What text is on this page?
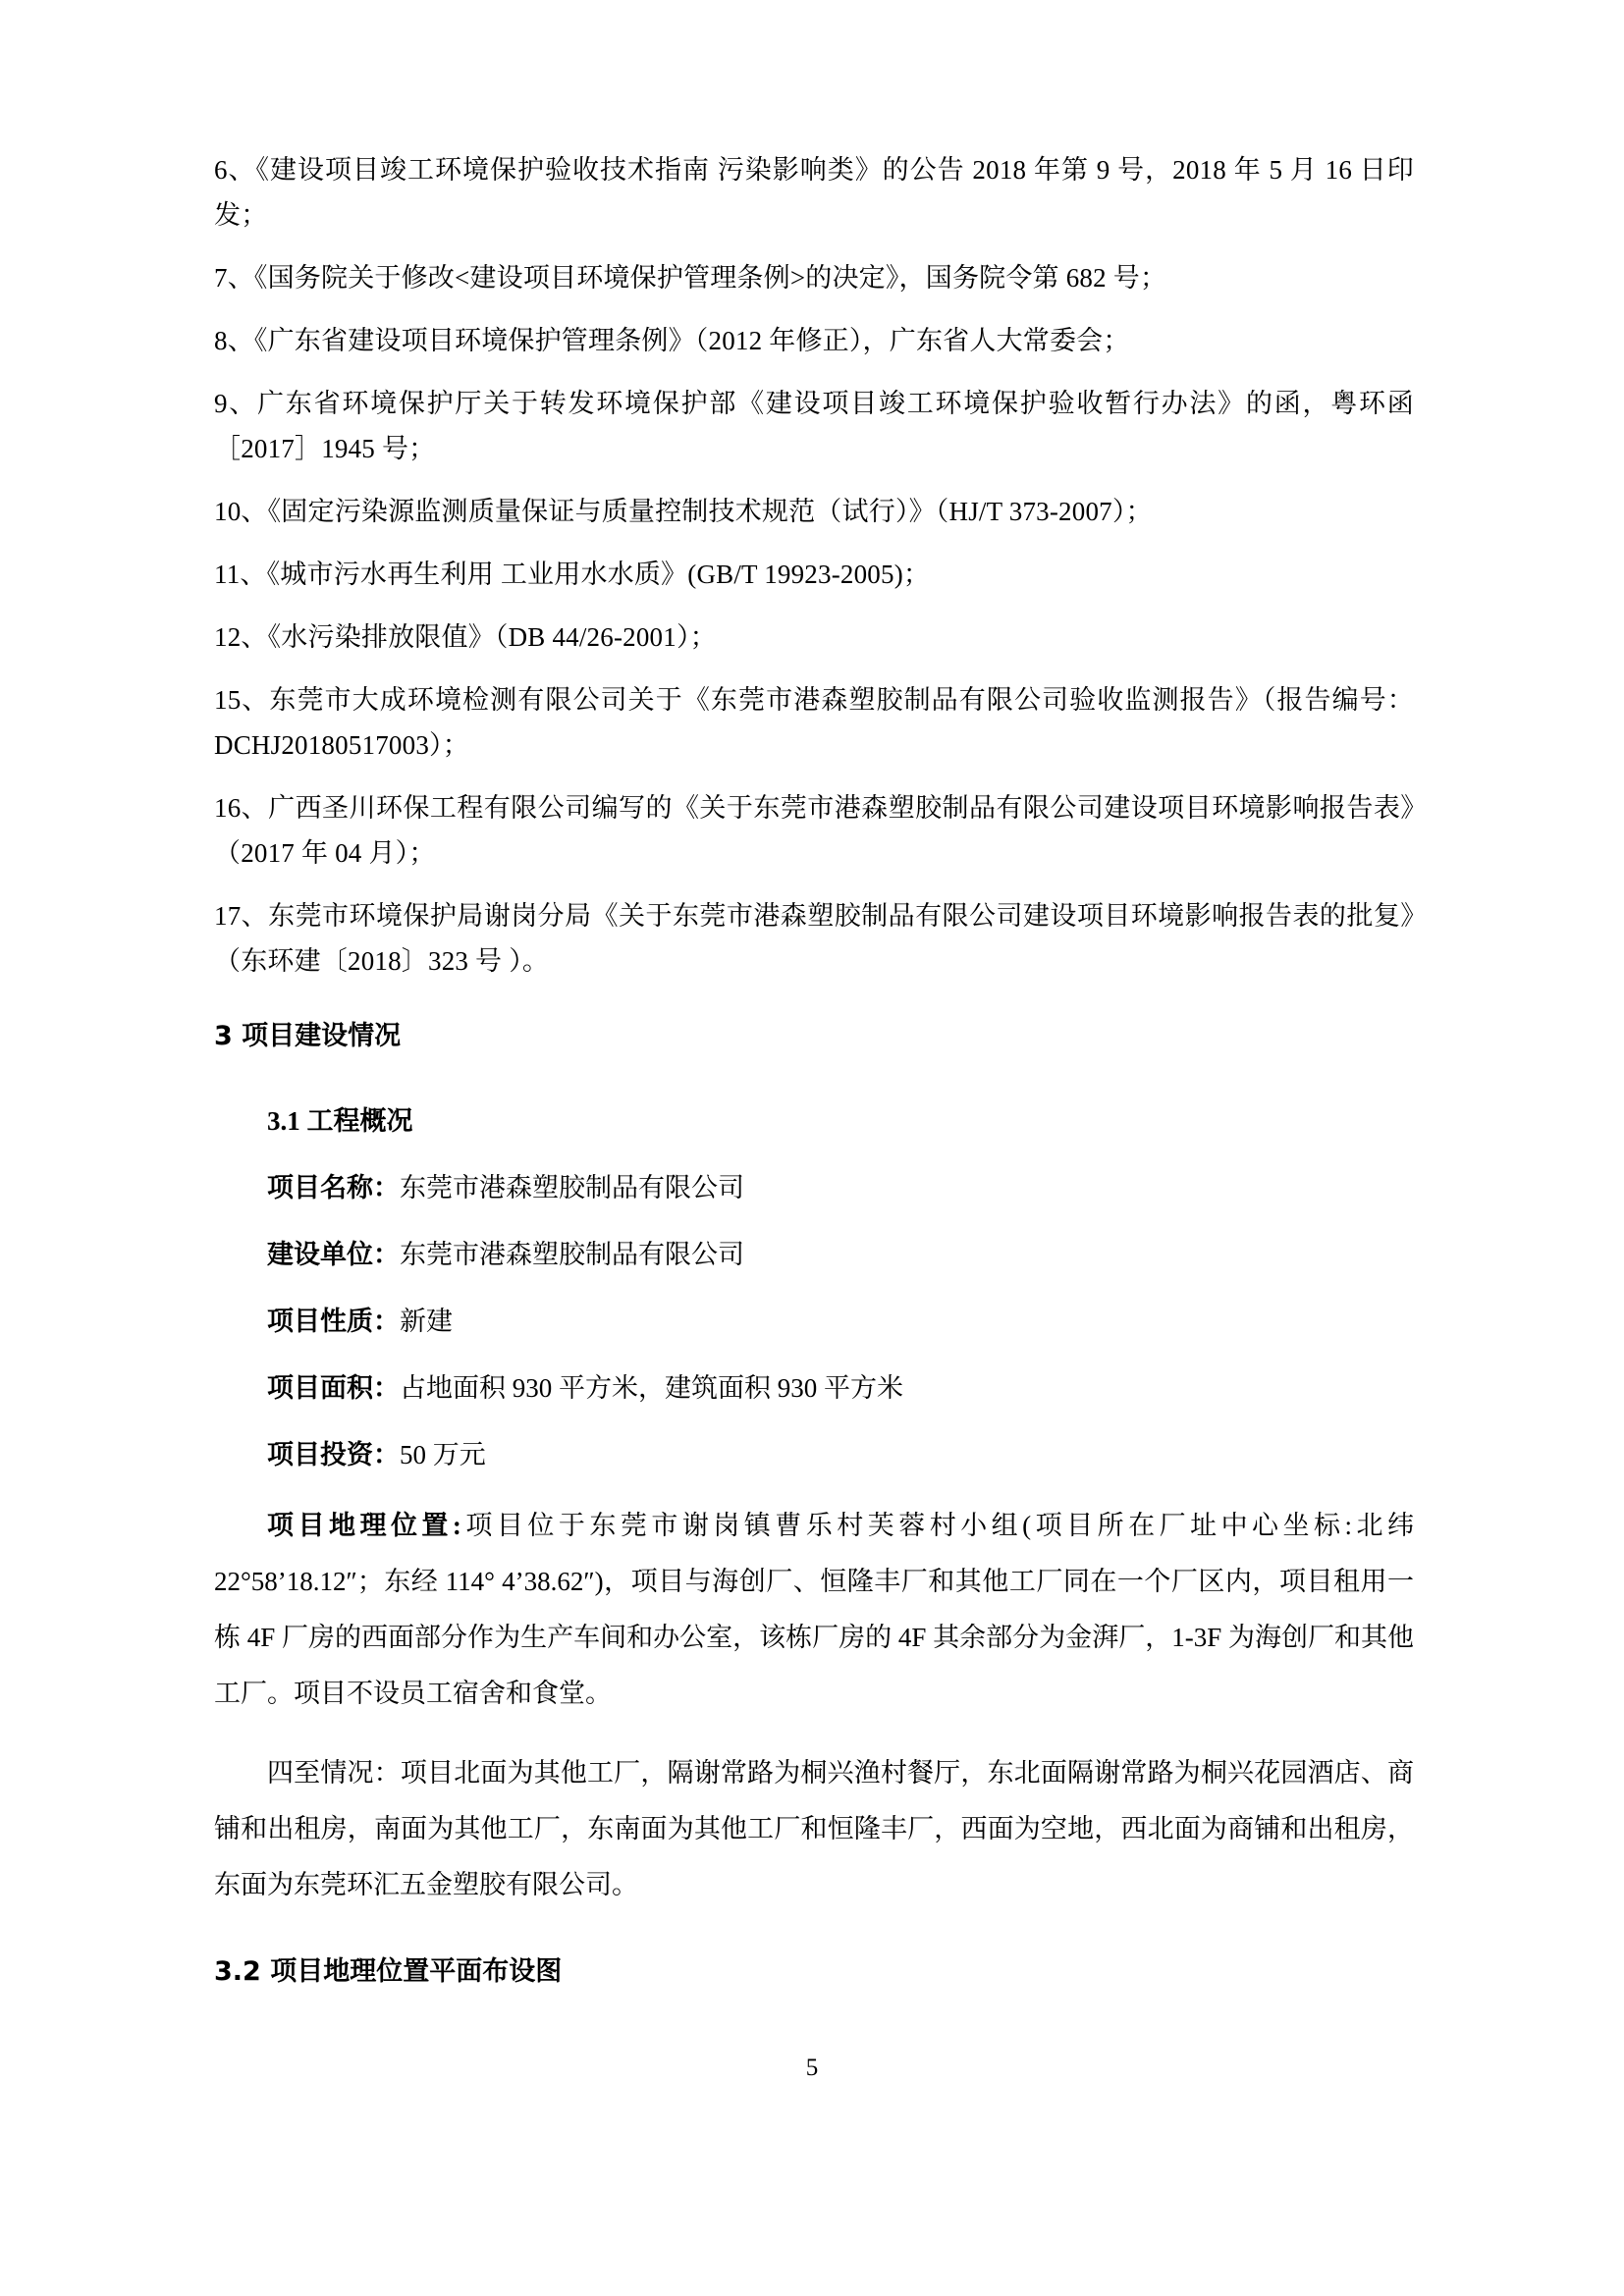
6、《建设项目竣工环境保护验收技术指南 污染影响类》的公告 2018 年第 9 号，2018 年 5 月 16 日印发；

7、《国务院关于修改<建设项目环境保护管理条例>的决定》，国务院令第 682 号；

8、《广东省建设项目环境保护管理条例》（2012 年修正），广东省人大常委会；

9、广东省环境保护厅关于转发环境保护部《建设项目竣工环境保护验收暂行办法》的函，粤环函［2017］1945 号；

10、《固定污染源监测质量保证与质量控制技术规范（试行）》（HJ/T 373-2007）；

11、《城市污水再生利用 工业用水水质》(GB/T 19923-2005)；

12、《水污染排放限值》（DB 44/26-2001）；

15、东莞市大成环境检测有限公司关于《东莞市港森塑胶制品有限公司验收监测报告》（报告编号：DCHJ20180517003）；

16、广西圣川环保工程有限公司编写的《关于东莞市港森塑胶制品有限公司建设项目环境影响报告表》（2017 年 04 月）；

17、东莞市环境保护局谢岗分局《关于东莞市港森塑胶制品有限公司建设项目环境影响报告表的批复》（东环建〔2018〕323 号 ）。

3 项目建设情况
3.1 工程概况

项目名称：东莞市港森塑胶制品有限公司

建设单位：东莞市港森塑胶制品有限公司

项目性质：新建

项目面积：占地面积 930 平方米，建筑面积 930 平方米

项目投资：50 万元

项目地理位置:项目位于东莞市谢岗镇曹乐村芙蓉村小组(项目所在厂址中心坐标:北纬 22°58’18.12″；东经 114° 4’38.62″)，项目与海创厂、恒隆丰厂和其他工厂同在一个厂区内，项目租用一栋 4F 厂房的西面部分作为生产车间和办公室，该栋厂房的 4F 其余部分为金湃厂，1-3F 为海创厂和其他工厂。项目不设员工宿舍和食堂。

四至情况：项目北面为其他工厂，隔谢常路为桐兴渔村餐厅，东北面隔谢常路为桐兴花园酒店、商铺和出租房，南面为其他工厂，东南面为其他工厂和恒隆丰厂，西面为空地，西北面为商铺和出租房，东面为东莞环汇五金塑胶有限公司。

3.2 项目地理位置平面布设图
5
